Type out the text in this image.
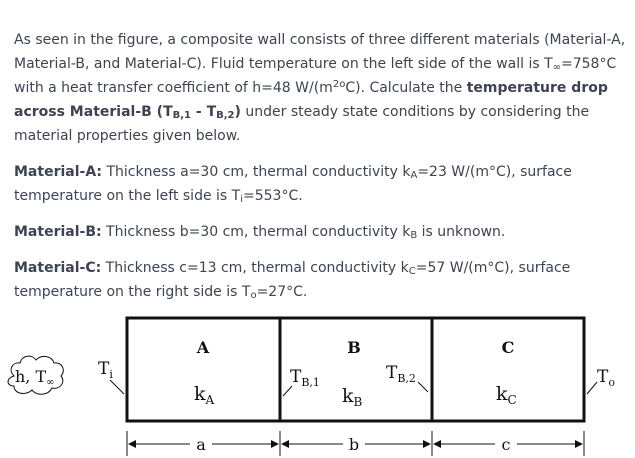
As seen in the figure, a composite wall consists of three different materials (Material-A,

Material-B, and Material-C). Fluid temperature on the left side of the wall is $T_\infty=758^\circ C$

with a heat transfer coefficient of h=48 $W/(m^{2o}C)$. Calculate the temperature drop

across Material-B $(T_{B,1} - T_{B,2})$ under steady state conditions by considering the

material properties given below.

Material-A: Thickness a=30 cm, thermal conductivity $k_A=23$ W/(m°C), surface

temperature on the left side is $T_i=553^\circ C$.

Material-B: Thickness b=30 cm, thermal conductivity $k_B$ is unknown.

Material-C: Thickness c=13 cm, thermal conductivity $k_C=57$ W/(m°C), surface

temperature on the right side is $T_o=27^\circ C$.

A	B	C
$k_A$	$k_B$	$k_C$
$T_{B,1}$	$T_{B,2}$
$T_i$	$T_o$
h, T∞
a	b	c
